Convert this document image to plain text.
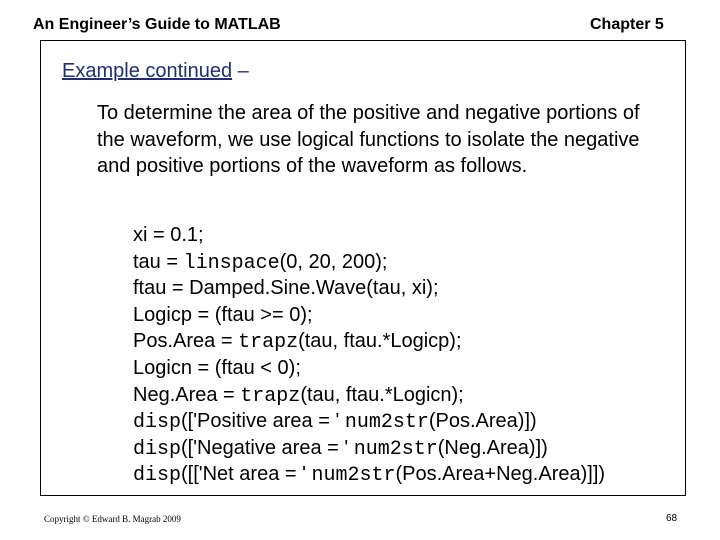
An Engineer’s Guide to MATLAB	Chapter 5
Example continued –
To determine the area of the positive and negative portions of the waveform, we use logical functions to isolate the negative and positive portions of the waveform as follows.
xi = 0.1;
tau = linspace(0, 20, 200);
ftau = Damped.Sine.Wave(tau, xi);
Logicp = (ftau >= 0);
Pos.Area = trapz(tau, ftau.*Logicp);
Logicn = (ftau < 0);
Neg.Area = trapz(tau, ftau.*Logicn);
disp(['Positive area = ' num2str(Pos.Area)])
disp(['Negative area = ' num2str(Neg.Area)])
disp([['Net area = ' num2str(Pos.Area+Neg.Area)]])
Copyright © Edward B. Magrab 2009	68
